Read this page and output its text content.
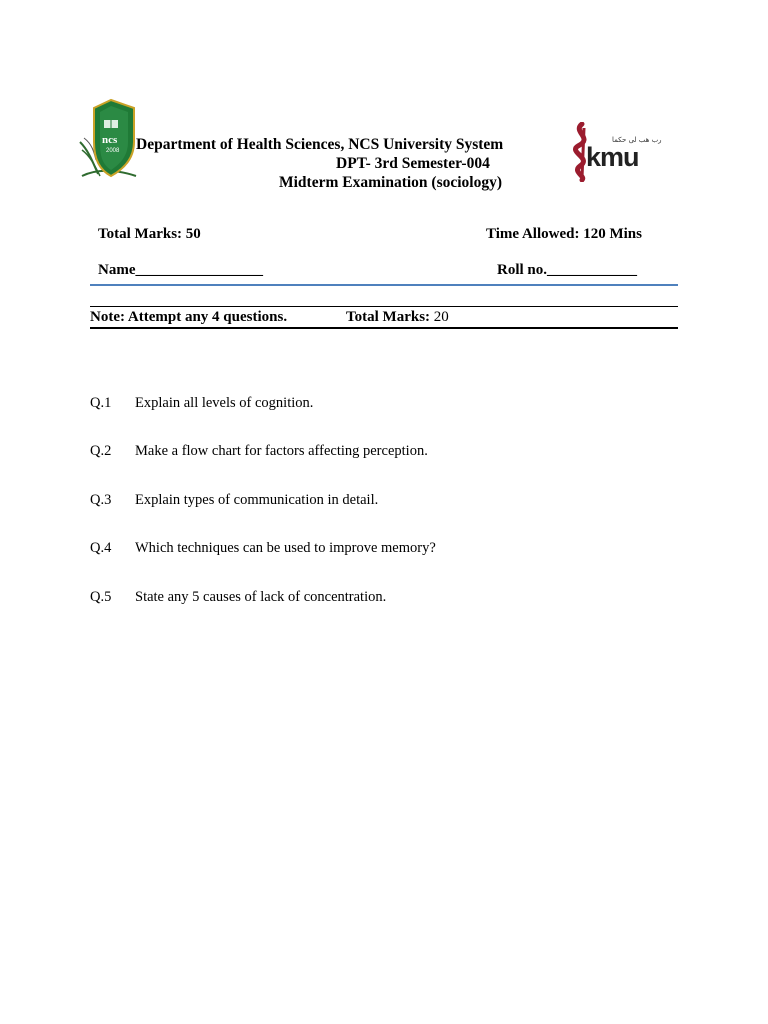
ncs
2008
رب هب لی حکما
kmu
Department of Health Sciences, NCS University System
DPT- 3rd Semester-004
Midterm Examination (sociology)
Total Marks: 50	Time Allowed: 120 Mins
Name_________________	Roll no.____________
Note: Attempt any 4 questions.	Total Marks: 20
Q.1 Explain all levels of cognition.
Q.2 Make a flow chart for factors affecting perception.
Q.3 Explain types of communication in detail.
Q.4 Which techniques can be used to improve memory?
Q.5 State any 5 causes of lack of concentration.
